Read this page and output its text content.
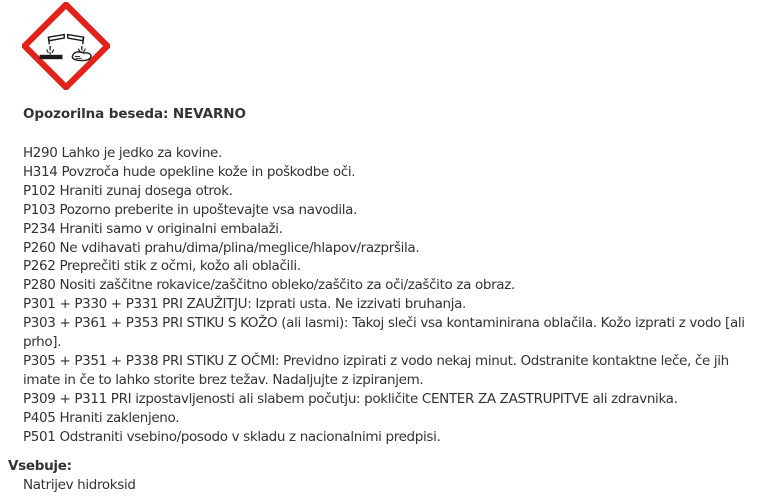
Opozorilna beseda: NEVARNO
H290 Lahko je jedko za kovine.
H314 Povzroča hude opekline kože in poškodbe oči.
P102 Hraniti zunaj dosega otrok.
P103 Pozorno preberite in upoštevajte vsa navodila.
P234 Hraniti samo v originalni embalaži.
P260 Ne vdihavati prahu/dima/plina/meglice/hlapov/razpršila.
P262 Preprečiti stik z očmi, kožo ali oblačili.
P280 Nositi zaščitne rokavice/zaščitno obleko/zaščito za oči/zaščito za obraz.
P301 + P330 + P331 PRI ZAUŽITJU: Izprati usta. Ne izzivati bruhanja.
P303 + P361 + P353 PRI STIKU S KOŽO (ali lasmi): Takoj sleči vsa kontaminirana oblačila. Kožo izprati z vodo [ali prho].
P305 + P351 + P338 PRI STIKU Z OČMI: Previdno izpirati z vodo nekaj minut. Odstranite kontaktne leče, če jih imate in če to lahko storite brez težav. Nadaljujte z izpiranjem.
P309 + P311 PRI izpostavljenosti ali slabem počutju: pokličite CENTER ZA ZASTRUPITVE ali zdravnika.
P405 Hraniti zaklenjeno.
P501 Odstraniti vsebino/posodo v skladu z nacionalnimi predpisi.
Vsebuje:
Natrijev hidroksid
